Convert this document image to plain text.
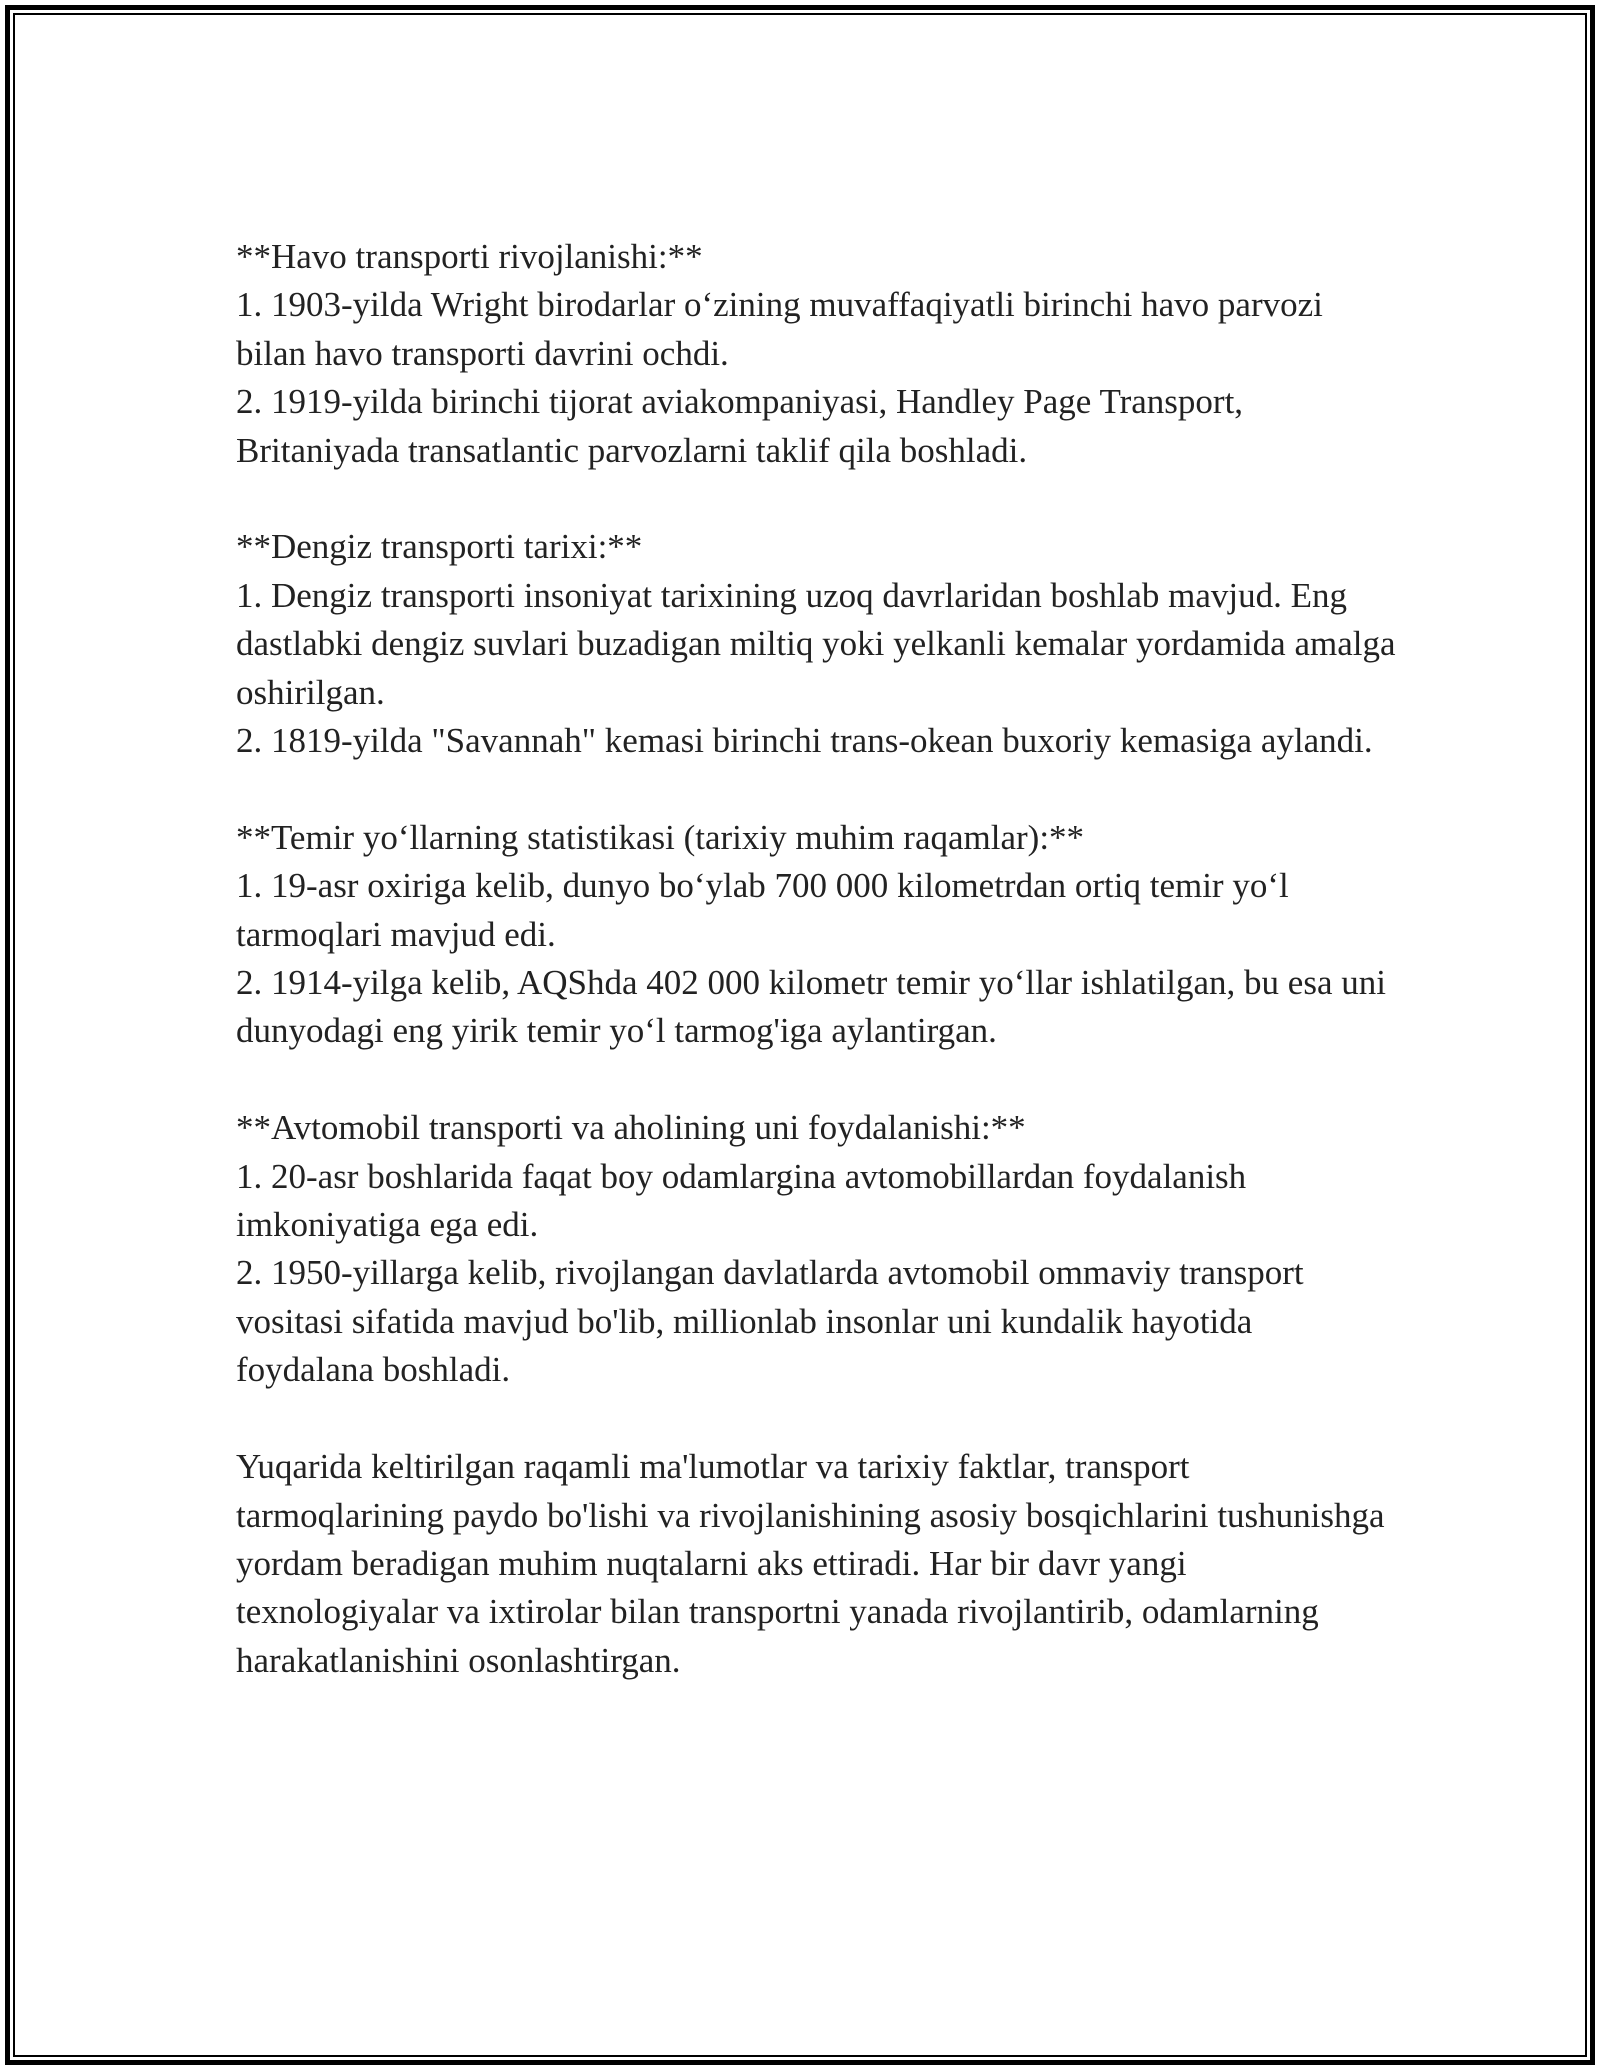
**Havo transporti rivojlanishi:**
1. 1903-yilda Wright birodarlar o‘zining muvaffaqiyatli birinchi havo parvozi bilan havo transporti davrini ochdi.
2. 1919-yilda birinchi tijorat aviakompaniyasi, Handley Page Transport, Britaniyada transatlantic parvozlarni taklif qila boshladi.
**Dengiz transporti tarixi:**
1. Dengiz transporti insoniyat tarixining uzoq davrlaridan boshlab mavjud. Eng dastlabki dengiz suvlari buzadigan miltiq yoki yelkanli kemalar yordamida amalga oshirilgan.
2. 1819-yilda "Savannah" kemasi birinchi trans-okean buxoriy kemasiga aylandi.
**Temir yo‘llarning statistikasi (tarixiy muhim raqamlar):**
1. 19-asr oxiriga kelib, dunyo bo‘ylab 700 000 kilometrdan ortiq temir yo‘l tarmoqlari mavjud edi.
2. 1914-yilga kelib, AQShda 402 000 kilometr temir yo‘llar ishlatilgan, bu esa uni dunyodagi eng yirik temir yo‘l tarmog'iga aylantirgan.
**Avtomobil transporti va aholining uni foydalanishi:**
1. 20-asr boshlarida faqat boy odamlargina avtomobillardan foydalanish imkoniyatiga ega edi.
2. 1950-yillarga kelib, rivojlangan davlatlarda avtomobil ommaviy transport vositasi sifatida mavjud bo'lib, millionlab insonlar uni kundalik hayotida foydalana boshladi.

Yuqarida keltirilgan raqamli ma'lumotlar va tarixiy faktlar, transport tarmoqlarining paydo bo'lishi va rivojlanishining asosiy bosqichlarini tushunishga yordam beradigan muhim nuqtalarni aks ettiradi. Har bir davr yangi texnologiyalar va ixtirolar bilan transportni yanada rivojlantirib, odamlarning harakatlanishini osonlashtirgan.
